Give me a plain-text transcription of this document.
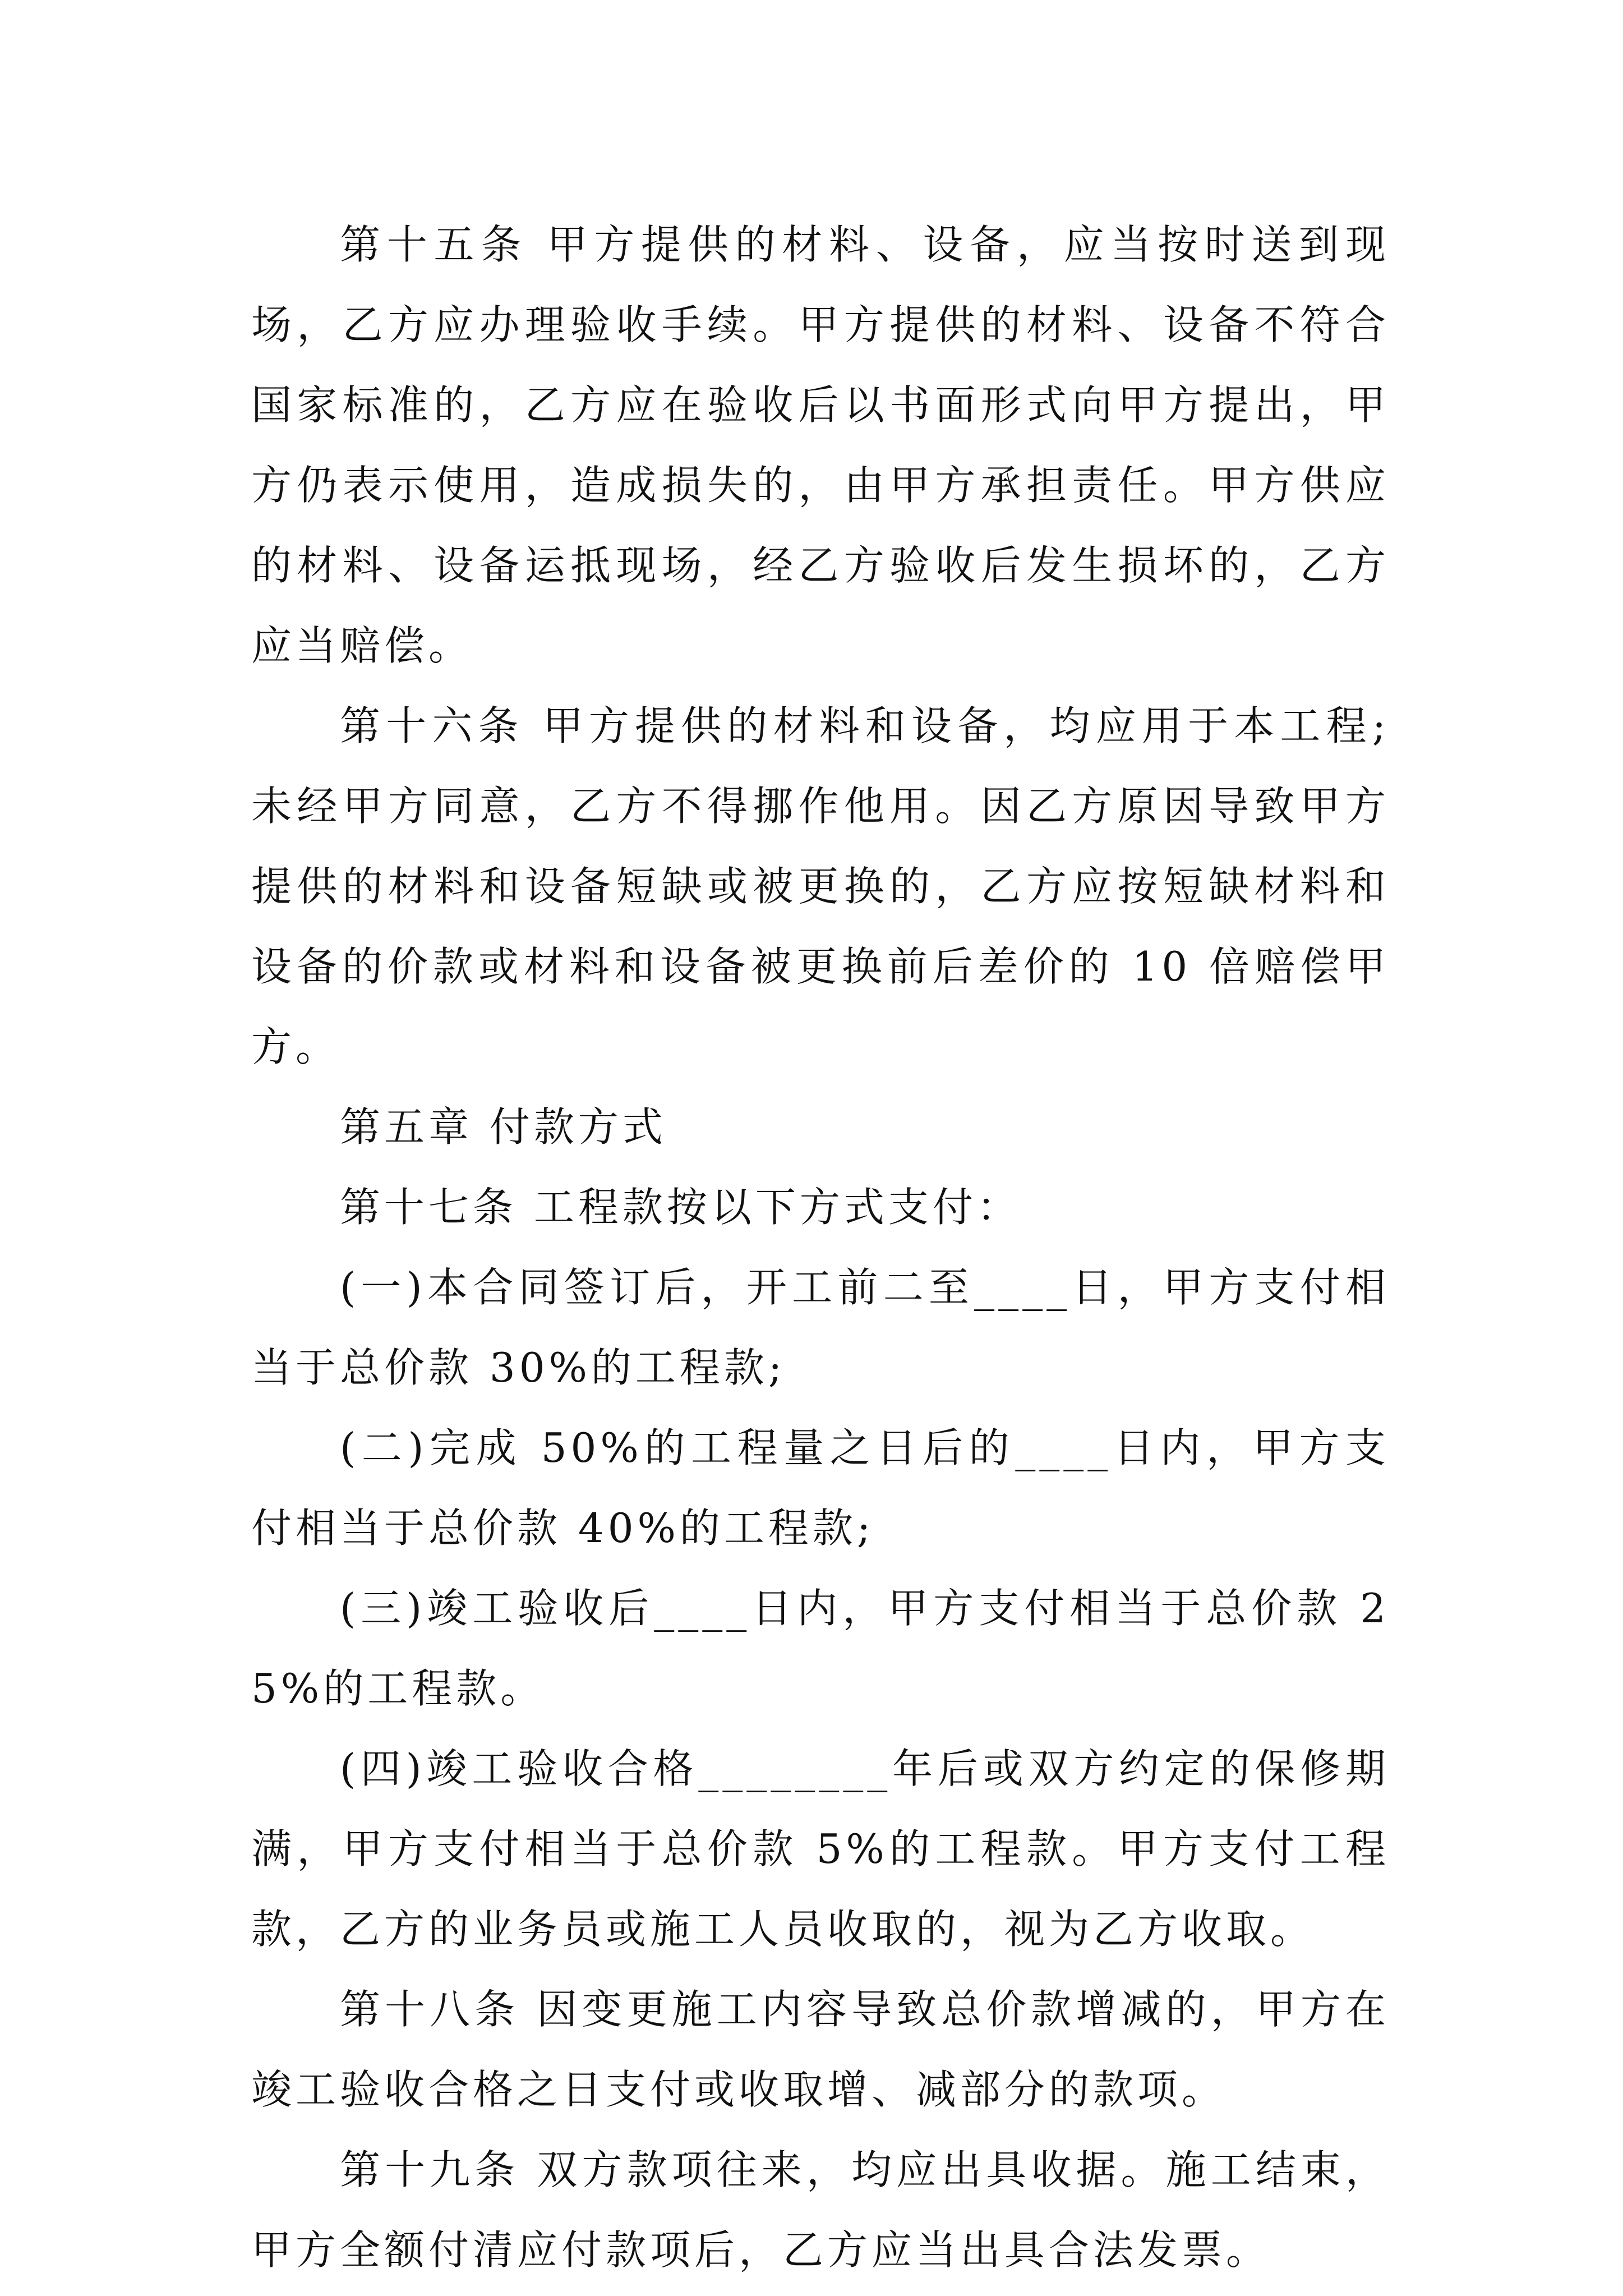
第十五条 甲方提供的材料、设备，应当按时送到现场，乙方应办理验收手续。甲方提供的材料、设备不符合国家标准的，乙方应在验收后以书面形式向甲方提出，甲方仍表示使用，造成损失的，由甲方承担责任。甲方供应的材料、设备运抵现场，经乙方验收后发生损坏的，乙方应当赔偿。

第十六条 甲方提供的材料和设备，均应用于本工程;未经甲方同意，乙方不得挪作他用。因乙方原因导致甲方提供的材料和设备短缺或被更换的，乙方应按短缺材料和设备的价款或材料和设备被更换前后差价的 10 倍赔偿甲方。

第五章 付款方式

第十七条 工程款按以下方式支付：

(一)本合同签订后，开工前二至____日，甲方支付相当于总价款 30%的工程款;

(二)完成 50%的工程量之日后的____日内，甲方支付相当于总价款 40%的工程款;

(三)竣工验收后____日内，甲方支付相当于总价款 25%的工程款。

(四)竣工验收合格________年后或双方约定的保修期满，甲方支付相当于总价款 5%的工程款。甲方支付工程款，乙方的业务员或施工人员收取的，视为乙方收取。

第十八条 因变更施工内容导致总价款增减的，甲方在竣工验收合格之日支付或收取增、减部分的款项。

第十九条 双方款项往来，均应出具收据。施工结束，甲方全额付清应付款项后，乙方应当出具合法发票。
